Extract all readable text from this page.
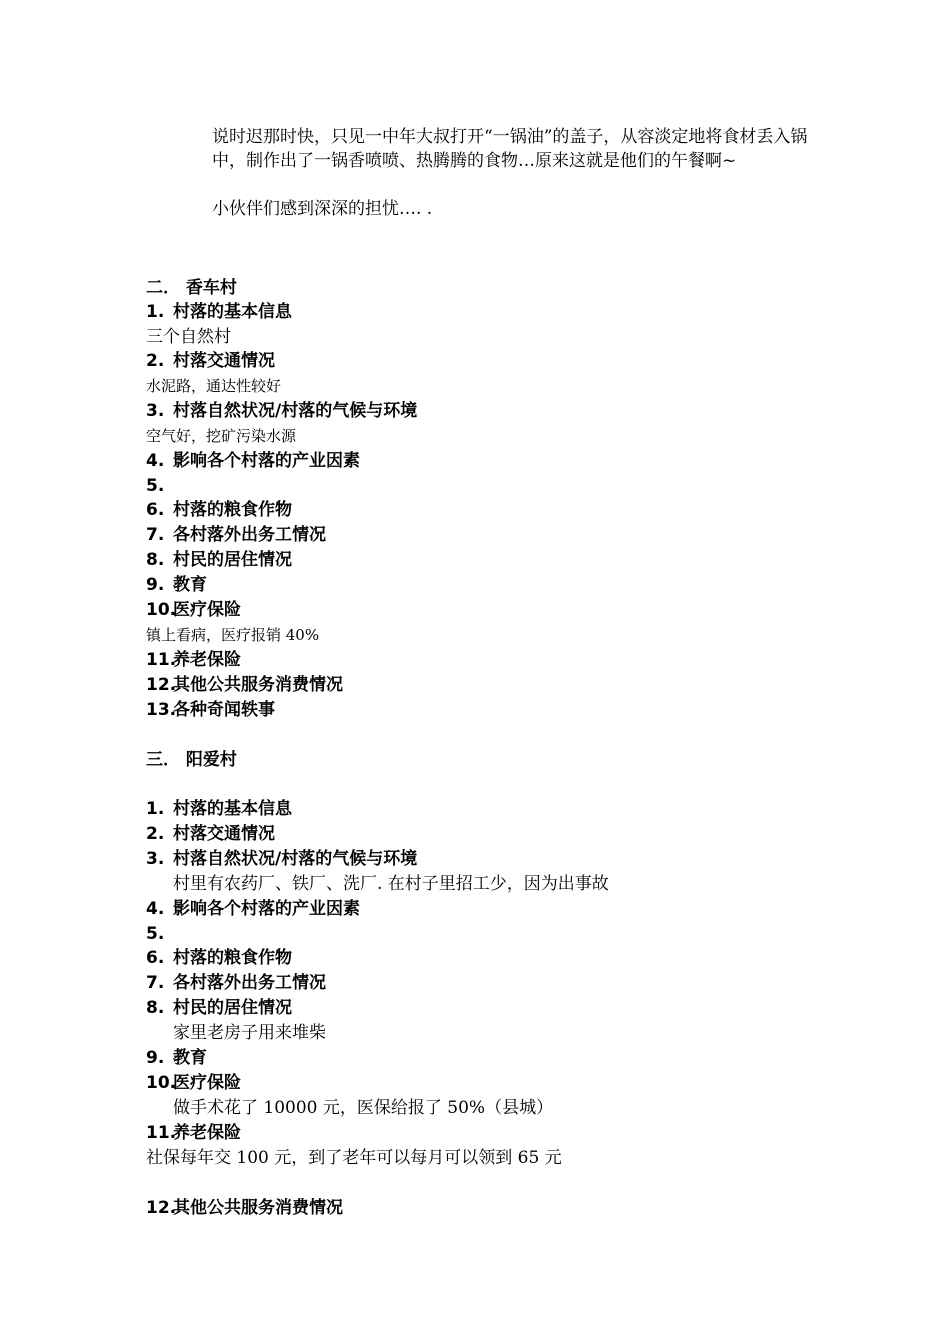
说时迟那时快，只见一中年大叔打开“一锅油”的盖子，从容淡定地将食材丢入锅中，制作出了一锅香喷喷、热腾腾的食物…原来这就是他们的午餐啊~

小伙伴们感到深深的担忧…. .

二． 香车村
1. 村落的基本信息
三个自然村
2. 村落交通情况
水泥路，通达性较好
3. 村落自然状况/村落的气候与环境
空气好，挖矿污染水源
4. 影响各个村落的产业因素
5.
6. 村落的粮食作物
7. 各村落外出务工情况
8. 村民的居住情况
9. 教育
10.医疗保险
镇上看病，医疗报销 40%
11.养老保险
12.其他公共服务消费情况
13.各种奇闻轶事
三． 阳爱村
1. 村落的基本信息
2. 村落交通情况
3. 村落自然状况/村落的气候与环境
村里有农药厂、铁厂、洗厂. 在村子里招工少，因为出事故
4. 影响各个村落的产业因素
5.
6. 村落的粮食作物
7. 各村落外出务工情况
8. 村民的居住情况
家里老房子用来堆柴
9. 教育
10.医疗保险
做手术花了 10000 元，医保给报了 50%（县城）
11.养老保险
社保每年交 100 元，到了老年可以每月可以领到 65 元
12.其他公共服务消费情况
